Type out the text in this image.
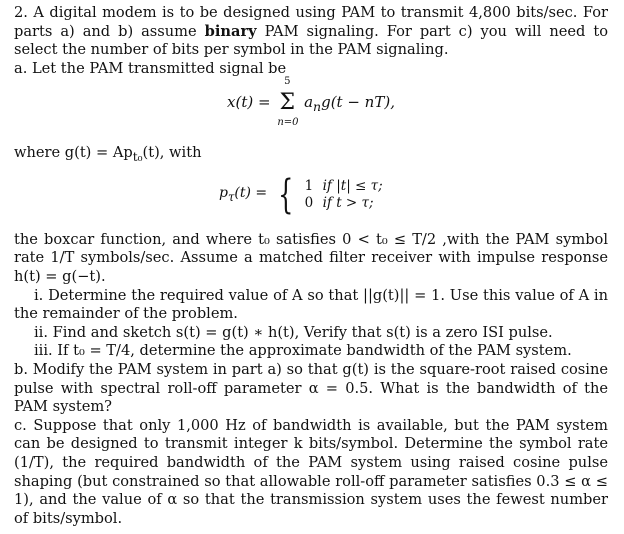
2. A digital modem is to be designed using PAM to transmit 4,800 bits/sec. For parts a) and b) assume binary PAM signaling. For part c) you will need to select the number of bits per symbol in the PAM signaling.

a. Let the PAM transmitted signal be

x(t) =
5
Σ
n=0
$a_ng(t - nT)$,

where $g(t) = Ap_{t_0}(t)$, with

$p_\tau(t)$ = { 1 if |t| ≤ τ;
0 if t > τ;

the boxcar function, and where t₀ satisfies 0 < t₀ ≤ T/2 ,with the PAM symbol rate 1/T symbols/sec. Assume a matched filter receiver with impulse response h(t) = g(−t).

i. Determine the required value of A so that ||g(t)|| = 1. Use this value of A in the remainder of the problem.

ii. Find and sketch s(t) = g(t) ∗ h(t), Verify that s(t) is a zero ISI pulse.

iii. If t₀ = T/4, determine the approximate bandwidth of the PAM system.

b. Modify the PAM system in part a) so that g(t) is the square-root raised cosine pulse with spectral roll-off parameter α = 0.5. What is the bandwidth of the PAM system?

c. Suppose that only 1,000 Hz of bandwidth is available, but the PAM system can be designed to transmit integer k bits/symbol. Determine the symbol rate (1/T), the required bandwidth of the PAM system using raised cosine pulse shaping (but constrained so that allowable roll-off parameter satisfies 0.3 ≤ α ≤ 1), and the value of α so that the transmission system uses the fewest number of bits/symbol.
